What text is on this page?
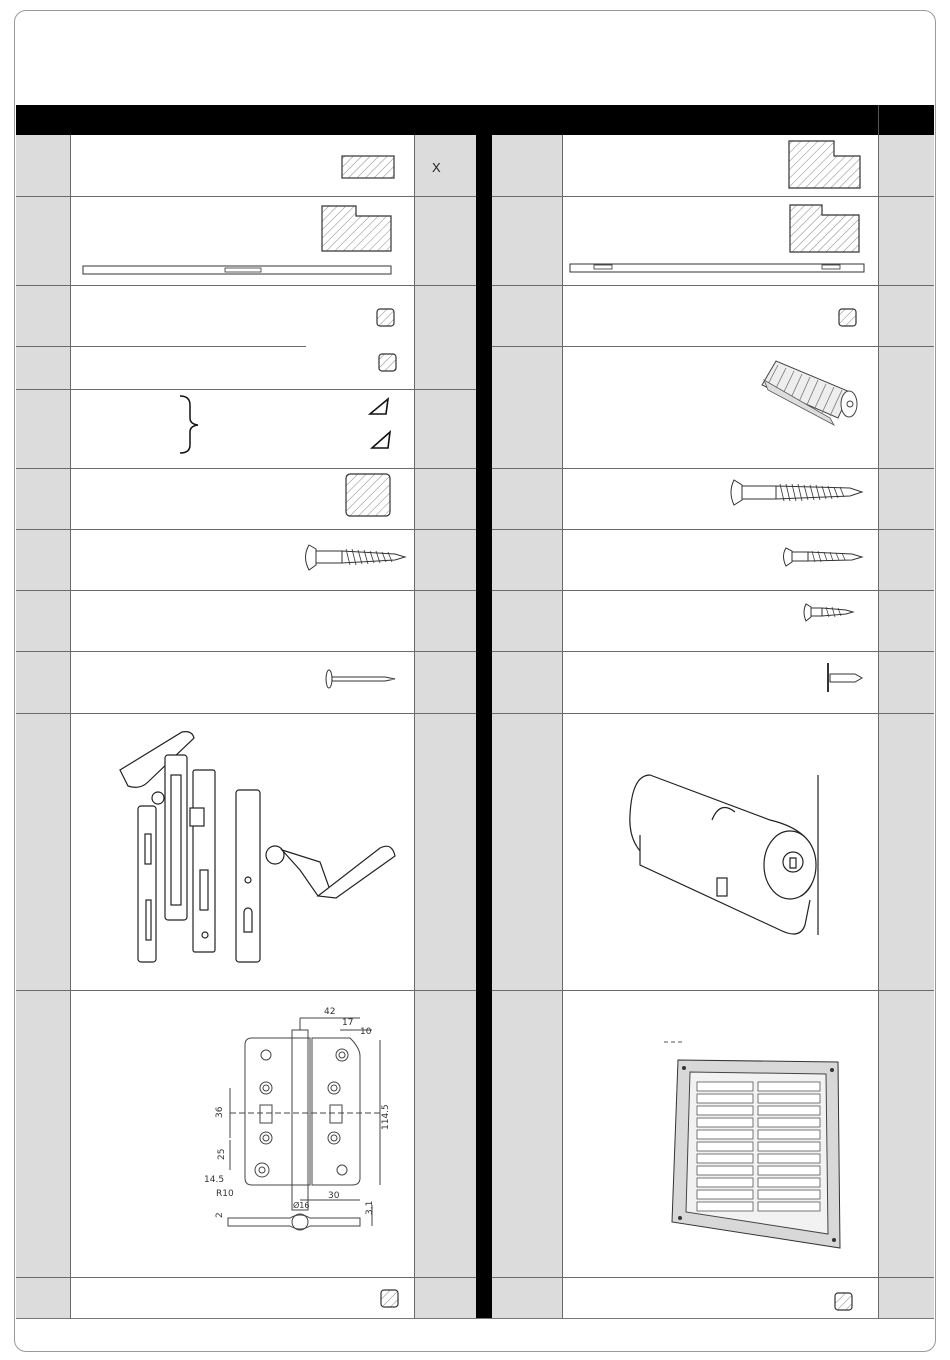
X
42
17
10
36
25
14.5
114.5
R10	30
Ø16
2
3.1
